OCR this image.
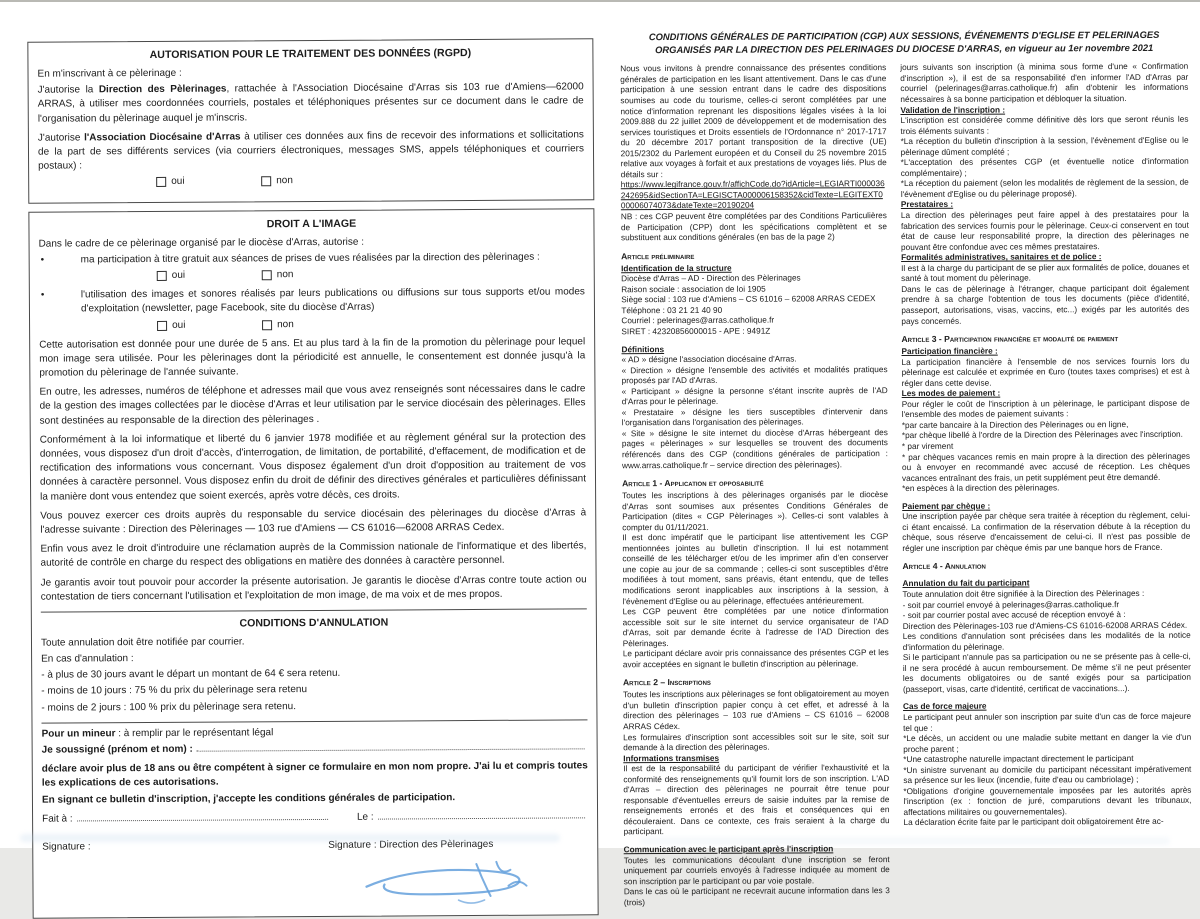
AUTORISATION POUR LE TRAITEMENT DES DONNÉES (RGPD)

En m'inscrivant à ce pèlerinage :

J'autorise la Direction des Pèlerinages, rattachée à l'Association Diocésaine d'Arras sis 103 rue d'Amiens—62000 ARRAS, à utiliser mes coordonnées courriels, postales et téléphoniques présentes sur ce document dans le cadre de l'organisation du pèlerinage auquel je m'inscris.

J'autorise l'Association Diocésaine d'Arras à utiliser ces données aux fins de recevoir des informations et sollicitations de la part de ses différents services (via courriers électroniques, messages SMS, appels téléphoniques et courriers postaux) :

oui	non
DROIT A L'IMAGE

Dans le cadre de ce pèlerinage organisé par le diocèse d'Arras, autorise :

•	ma participation à titre gratuit aux séances de prises de vues réalisées par la direction des pèlerinages :
oui	non
•	l'utilisation des images et sonores réalisés par leurs publications ou diffusions sur tous supports et/ou modes d'exploitation (newsletter, page Facebook, site du diocèse d'Arras)
oui	non

Cette autorisation est donnée pour une durée de 5 ans. Et au plus tard à la fin de la promotion du pèlerinage pour lequel mon image sera utilisée. Pour les pèlerinages dont la périodicité est annuelle, le consentement est donnée jusqu'à la promotion du pèlerinage de l'année suivante.

En outre, les adresses, numéros de téléphone et adresses mail que vous avez renseignés sont nécessaires dans le cadre de la gestion des images collectées par le diocèse d'Arras et leur utilisation par le service diocésain des pèlerinages. Elles sont destinées au responsable de la direction des pèlerinages .

Conformément à la loi informatique et liberté du 6 janvier 1978 modifiée et au règlement général sur la protection des données, vous disposez d'un droit d'accès, d'interrogation, de limitation, de portabilité, d'effacement, de modification et de rectification des informations vous concernant. Vous disposez également d'un droit d'opposition au traitement de vos données à caractère personnel. Vous disposez enfin du droit de définir des directives générales et particulières définissant la manière dont vous entendez que soient exercés, après votre décès, ces droits.

Vous pouvez exercer ces droits auprès du responsable du service diocésain des pèlerinages du diocèse d'Arras à l'adresse suivante : Direction des Pèlerinages — 103 rue d'Amiens — CS 61016—62008 ARRAS Cedex.

Enfin vous avez le droit d'introduire une réclamation auprès de la Commission nationale de l'informatique et des libertés, autorité de contrôle en charge du respect des obligations en matière des données à caractère personnel.

Je garantis avoir tout pouvoir pour accorder la présente autorisation. Je garantis le diocèse d'Arras contre toute action ou contestation de tiers concernant l'utilisation et l'exploitation de mon image, de ma voix et de mes propos.

CONDITIONS D'ANNULATION

Toute annulation doit être notifiée par courrier.

En cas d'annulation :

- à plus de 30 jours avant le départ un montant de 64 € sera retenu.

- moins de 10 jours : 75 % du prix du pèlerinage sera retenu

- moins de 2 jours : 100 % prix du pèlerinage sera retenu.

Pour un mineur : à remplir par le représentant légal

Je soussigné (prénom et nom) :

déclare avoir plus de 18 ans ou être compétent à signer ce formulaire en mon nom propre. J'ai lu et compris toutes les explications de ces autorisations.

En signant ce bulletin d'inscription, j'accepte les conditions générales de participation.

Fait à :	Le :
Signature :	Signature : Direction des Pèlerinages
CONDITIONS GÉNÉRALES DE PARTICIPATION (CGP) AUX SESSIONS, ÉVÉNEMENTS D'EGLISE ET PELERINAGES ORGANISÉS PAR LA DIRECTION DES PELERINAGES DU DIOCESE D'ARRAS, en vigueur au 1er novembre 2021
Nous vous invitons à prendre connaissance des présentes conditions générales de participation en les lisant attentivement. Dans le cas d'une participation à une session entrant dans le cadre des dispositions soumises au code du tourisme, celles-ci seront complétées par une notice d'information reprenant les dispositions légales visées à la loi 2009.888 du 22 juillet 2009 de développement et de modernisation des services touristiques et Droits essentiels de l'Ordonnance n° 2017-1717 du 20 décembre 2017 portant transposition de la directive (UE) 2015/2302 du Parlement européen et du Conseil du 25 novembre 2015 relative aux voyages à forfait et aux prestations de voyages liés. Plus de détails sur :
https://www.legifrance.gouv.fr/affichCode.do?idArticle=LEGIARTI000036242695&idSectionTA=LEGISCTA000006158352&cidTexte=LEGITEXT000006074073&dateTexte=20190204
NB : ces CGP peuvent être complétées par des Conditions Particulières de Participation (CPP) dont les spécifications complètent et se substituent aux conditions générales (en bas de la page 2)
Article préliminaire
Identification de la structure
Diocèse d'Arras – AD - Direction des Pèlerinages
Raison sociale : association de loi 1905
Siège social : 103 rue d'Amiens – CS 61016 – 62008 ARRAS CEDEX
Téléphone : 03 21 21 40 90
Courriel : pelerinages@arras.catholique.fr
SIRET : 42320856000015 - APE : 9491Z
Définitions
« AD » désigne l'association diocésaine d'Arras.
« Direction » désigne l'ensemble des activités et modalités pratiques proposés par l'AD d'Arras.
« Participant » désigne la personne s'étant inscrite auprès de l'AD d'Arras pour le pèlerinage.
« Prestataire » désigne les tiers susceptibles d'intervenir dans l'organisation dans l'organisation des pèlerinages.
« Site » désigne le site internet du diocèse d'Arras hébergeant des pages « pèlerinages » sur lesquelles se trouvent des documents référencés dans des CGP (conditions générales de participation : www.arras.catholique.fr – service direction des pèlerinages).
Article 1 - Application et opposabilité
Toutes les inscriptions à des pèlerinages organisés par le diocèse d'Arras sont soumises aux présentes Conditions Générales de Participation (dites « CGP Pèlerinages »). Celles-ci sont valables à compter du 01/11/2021.
Il est donc impératif que le participant lise attentivement les CGP mentionnées jointes au bulletin d'inscription. Il lui est notamment conseillé de les télécharger et/ou de les imprimer afin d'en conserver une copie au jour de sa commande ; celles-ci sont susceptibles d'être modifiées à tout moment, sans préavis, étant entendu, que de telles modifications seront inapplicables aux inscriptions à la session, à l'évènement d'Eglise ou au pèlerinage, effectuées antérieurement.
Les CGP peuvent être complétées par une notice d'information accessible soit sur le site internet du service organisateur de l'AD d'Arras, soit par demande écrite à l'adresse de l'AD Direction des Pèlerinages.
Le participant déclare avoir pris connaissance des présentes CGP et les avoir acceptées en signant le bulletin d'inscription au pèlerinage.
Article 2 – Inscriptions
Toutes les inscriptions aux pèlerinages se font obligatoirement au moyen d'un bulletin d'inscription papier conçu à cet effet, et adressé à la direction des pèlerinages – 103 rue d'Amiens – CS 61016 – 62008 ARRAS Cédex.
Les formulaires d'inscription sont accessibles soit sur le site, soit sur demande à la direction des pèlerinages.
Informations transmises
Il est de la responsabilité du participant de vérifier l'exhaustivité et la conformité des renseignements qu'il fournit lors de son inscription. L'AD d'Arras – direction des pèlerinages ne pourrait être tenue pour responsable d'éventuelles erreurs de saisie induites par la remise de renseignements erronés et des frais et conséquences qui en découleraient. Dans ce contexte, ces frais seraient à la charge du participant.
Communication avec le participant après l'inscription
Toutes les communications découlant d'une inscription se feront uniquement par courriels envoyés à l'adresse indiquée au moment de son inscription par le participant ou par voie postale.
Dans le cas où le participant ne recevrait aucune information dans les 3 (trois)
jours suivants son inscription (à minima sous forme d'une « Confirmation d'inscription »), il est de sa responsabilité d'en informer l'AD d'Arras par courriel (pelerinages@arras.catholique.fr) afin d'obtenir les informations nécessaires à sa bonne participation et débloquer la situation.
Validation de l'inscription :
L'inscription est considérée comme définitive dès lors que seront réunis les trois éléments suivants :
*La réception du bulletin d'inscription à la session, l'évènement d'Eglise ou le pèlerinage dûment complété ;
*L'acceptation des présentes CGP (et éventuelle notice d'information complémentaire) ;
*La réception du paiement (selon les modalités de règlement de la session, de l'évènement d'Eglise ou du pèlerinage proposé).
Prestataires :
La direction des pèlerinages peut faire appel à des prestataires pour la fabrication des services fournis pour le pèlerinage. Ceux-ci conservent en tout état de cause leur responsabilité propre, la direction des pèlerinages ne pouvant être confondue avec ces mêmes prestataires.
Formalités administratives, sanitaires et de police :
Il est à la charge du participant de se plier aux formalités de police, douanes et santé à tout moment du pèlerinage.
Dans le cas de pèlerinage à l'étranger, chaque participant doit également prendre à sa charge l'obtention de tous les documents (pièce d'identité, passeport, autorisations, visas, vaccins, etc...) exigés par les autorités des pays concernés.
Article 3 - Participation financière et modalité de paiement
Participation financière :
La participation financière à l'ensemble de nos services fournis lors du pèlerinage est calculée et exprimée en €uro (toutes taxes comprises) et est à régler dans cette devise.
Les modes de paiement :
Pour régler le coût de l'inscription à un pèlerinage, le participant dispose de l'ensemble des modes de paiement suivants :
*par carte bancaire à la Direction des Pèlerinages ou en ligne,
*par chèque libellé à l'ordre de la Direction des Pèlerinages avec l'inscription.
* par virement
* par chèques vacances remis en main propre à la direction des pèlerinages ou à envoyer en recommandé avec accusé de réception. Les chèques vacances entraînant des frais, un petit supplément peut être demandé.
*en espèces à la direction des pèlerinages.
Paiement par chèque :
Une inscription payée par chèque sera traitée à réception du règlement, celui-ci étant encaissé. La confirmation de la réservation débute à la réception du chèque, sous réserve d'encaissement de celui-ci. Il n'est pas possible de régler une inscription par chèque émis par une banque hors de France.
Article 4 - Annulation
Annulation du fait du participant
Toute annulation doit être signifiée à la Direction des Pèlerinages :
- soit par courriel envoyé à pelerinages@arras.catholique.fr
- soit par courrier postal avec accusé de réception envoyé à :
Direction des Pèlerinages-103 rue d'Amiens-CS 61016-62008 ARRAS Cédex.
Les conditions d'annulation sont précisées dans les modalités de la notice d'information du pèlerinage.
Si le participant n'annule pas sa participation ou ne se présente pas à celle-ci, il ne sera procédé à aucun remboursement. De même s'il ne peut présenter les documents obligatoires ou de santé exigés pour sa participation (passeport, visas, carte d'identité, certificat de vaccinations...).
Cas de force majeure
Le participant peut annuler son inscription par suite d'un cas de force majeure tel que :
*Le décès, un accident ou une maladie subite mettant en danger la vie d'un proche parent ;
*Une catastrophe naturelle impactant directement le participant
*Un sinistre survenant au domicile du participant nécessitant impérativement sa présence sur les lieux (incendie, fuite d'eau ou cambriolage) ;
*Obligations d'origine gouvernementale imposées par les autorités après l'inscription (ex : fonction de juré, comparutions devant les tribunaux, affectations militaires ou gouvernementales).
La déclaration écrite faite par le participant doit obligatoirement être ac-
